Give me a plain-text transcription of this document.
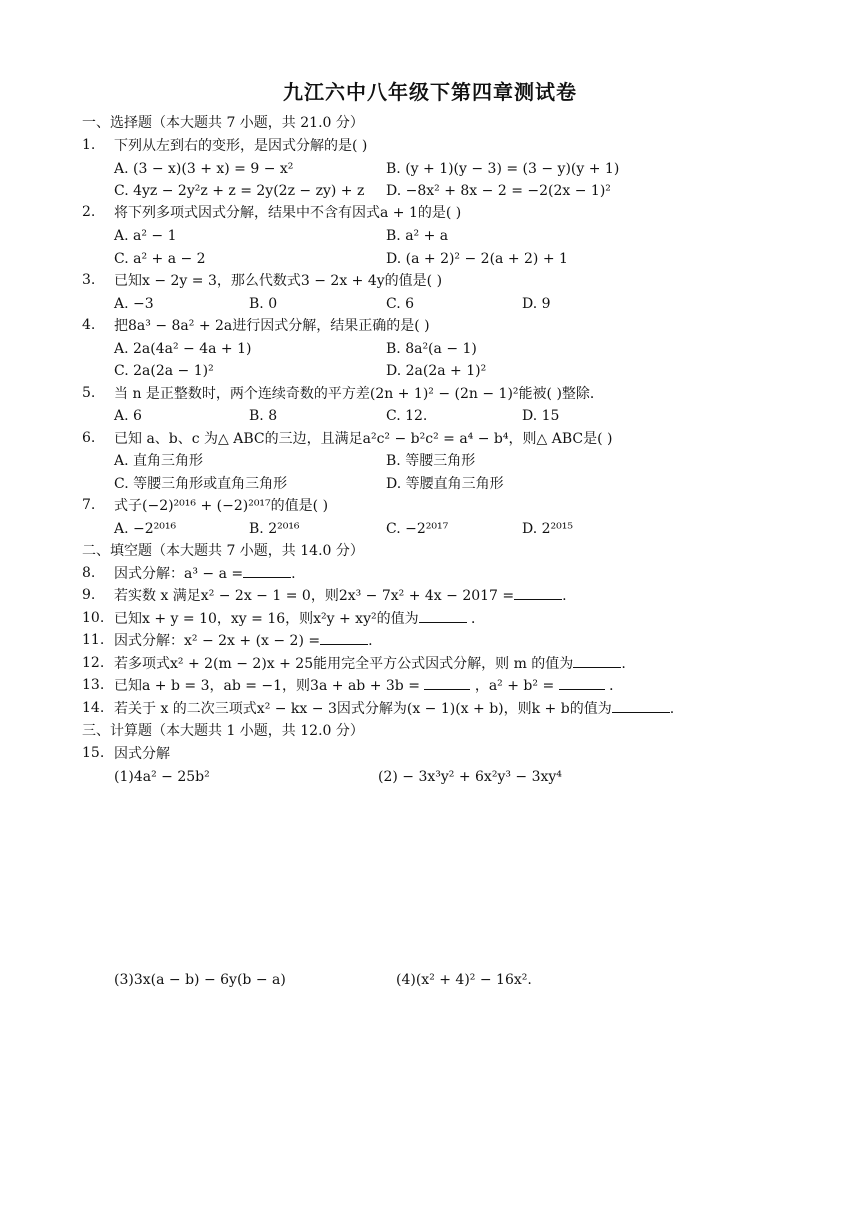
九江六中八年级下第四章测试卷
一、选择题（本大题共 7 小题，共 21.0 分）
1.	下列从左到右的变形，是因式分解的是( )
A. (3 − x)(3 + x) = 9 − x²	B. (y + 1)(y − 3) = (3 − y)(y + 1)
C. 4yz − 2y²z + z = 2y(2z − zy) + z D. −8x² + 8x − 2 = −2(2x − 1)²
2.	将下列多项式因式分解，结果中不含有因式a + 1的是( )
A. a² − 1	B. a² + a
C. a² + a − 2	D. (a + 2)² − 2(a + 2) + 1
3.	已知x − 2y = 3，那么代数式3 − 2x + 4y的值是( )
A. −3	B. 0	C. 6	D. 9
4.	把8a³ − 8a² + 2a进行因式分解，结果正确的是( )
A. 2a(4a² − 4a + 1)	B. 8a²(a − 1)
C. 2a(2a − 1)²	D. 2a(2a + 1)²
5.	当 n 是正整数时，两个连续奇数的平方差(2n + 1)² − (2n − 1)²能被( )整除．
A. 6	B. 8	C. 12.	D. 15
6.	已知 a、b、c 为△ ABC的三边，且满足a²c² − b²c² = a⁴ − b⁴，则△ ABC是( )
A. 直角三角形	B. 等腰三角形
C. 等腰三角形或直角三角形	D. 等腰直角三角形
7.	式子(−2)²⁰¹⁶ + (−2)²⁰¹⁷的值是( )
A. −2²⁰¹⁶	B. 2²⁰¹⁶	C. −2²⁰¹⁷	D. 2²⁰¹⁵
二、填空题（本大题共 7 小题，共 14.0 分）
8.	因式分解：a³ − a =	.
9.	若实数 x 满足x² − 2x − 1 = 0，则2x³ − 7x² + 4x − 2017 =	.
10. 已知x + y = 10，xy = 16，则x²y + xy²的值为	．
11. 因式分解：x² − 2x + (x − 2) =	.
12. 若多项式x² + 2(m − 2)x + 25能用完全平方公式因式分解，则 m 的值为	.
13. 已知a + b = 3，ab = −1，则3a + ab + 3b =	，a² + b² =	．
14. 若关于 x 的二次三项式x² − kx − 3因式分解为(x − 1)(x + b)，则k + b的值为	.
三、计算题（本大题共 1 小题，共 12.0 分）
15. 因式分解
(1)4a² − 25b²	(2) − 3x³y² + 6x²y³ − 3xy⁴
(3)3x(a − b) − 6y(b − a)	(4)(x² + 4)² − 16x².
